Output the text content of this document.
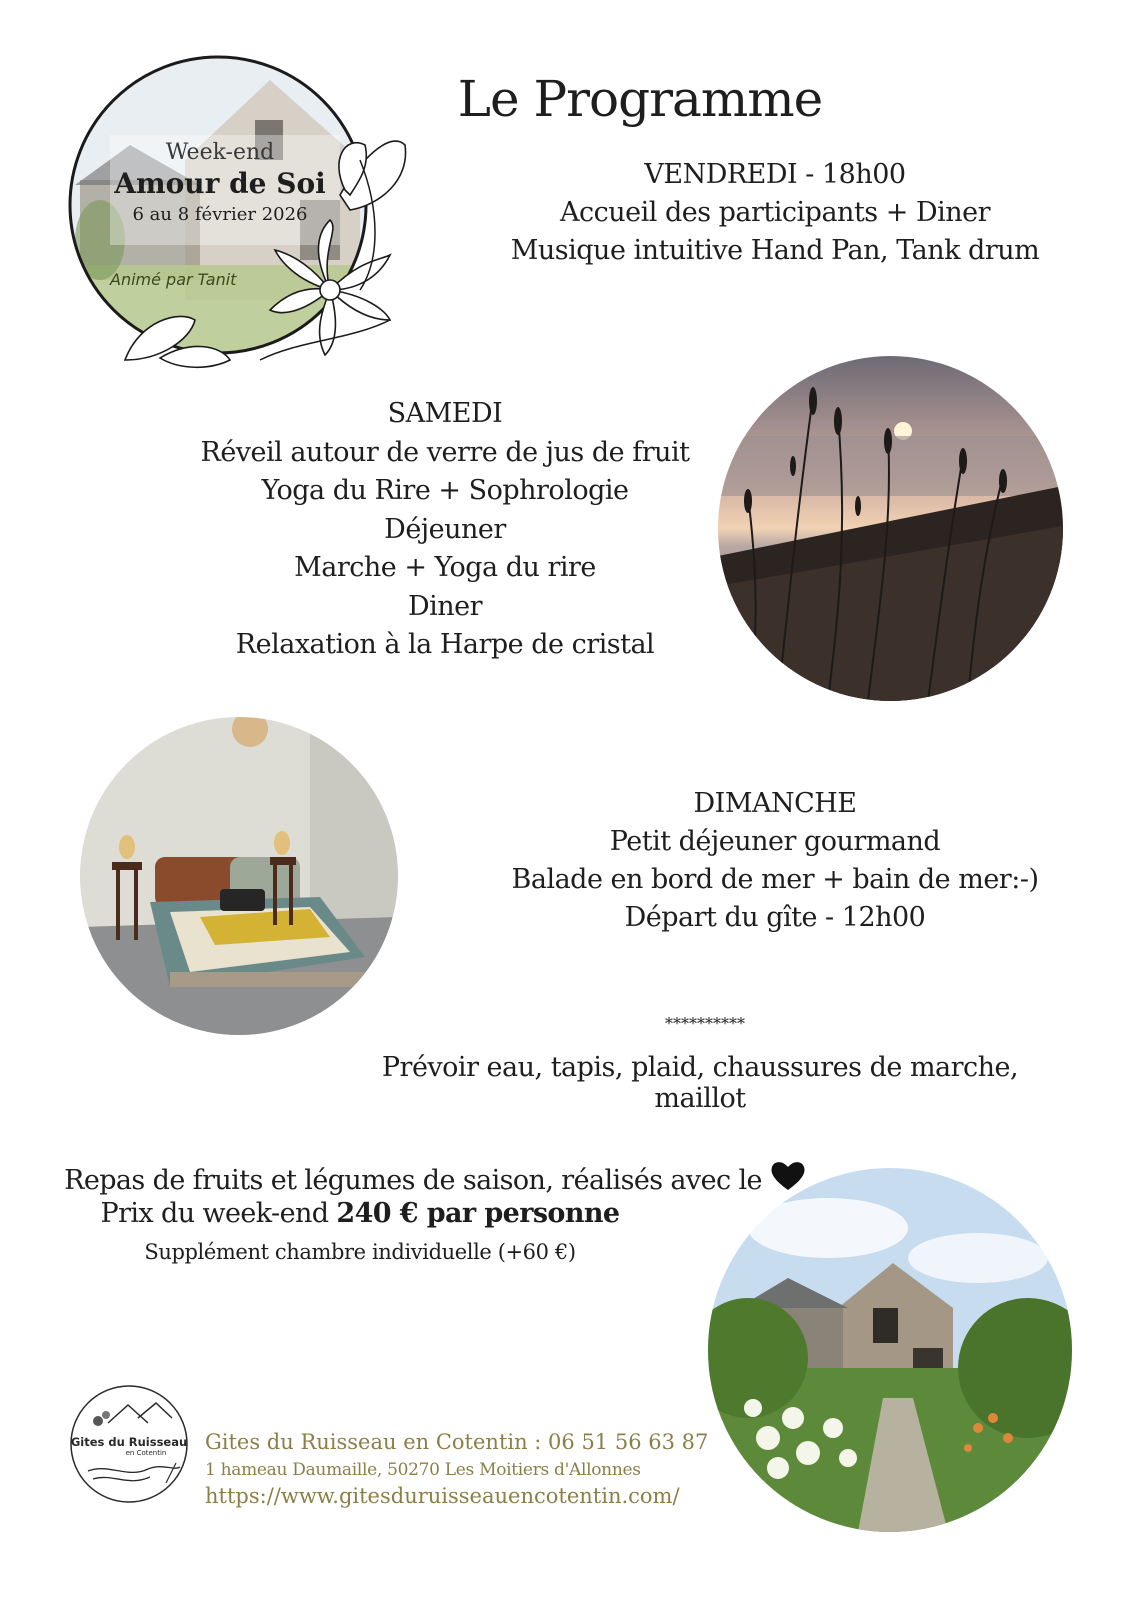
Week-end
Amour de Soi
6 au 8 février 2026
Animé par Tanit
Le Programme
VENDREDI - 18h00
Accueil des participants + Diner
Musique intuitive Hand Pan, Tank drum
SAMEDI
Réveil autour de verre de jus de fruit
Yoga du Rire + Sophrologie
Déjeuner
Marche + Yoga du rire
Diner
Relaxation à la Harpe de cristal
DIMANCHE
Petit déjeuner gourmand
Balade en bord de mer + bain de mer:-)
Départ du gîte - 12h00
**********
Prévoir eau, tapis, plaid, chaussures de marche, maillot
Repas de fruits et légumes de saison, réalisés avec le
Prix du week-end 240 € par personne
Supplément chambre individuelle (+60 €)
Gites du Ruisseau
en Cotentin	Gites du Ruisseau en Cotentin : 06 51 56 63 87
1 hameau Daumaille, 50270 Les Moitiers d'Allonnes
https://www.gitesduruisseauencotentin.com/
